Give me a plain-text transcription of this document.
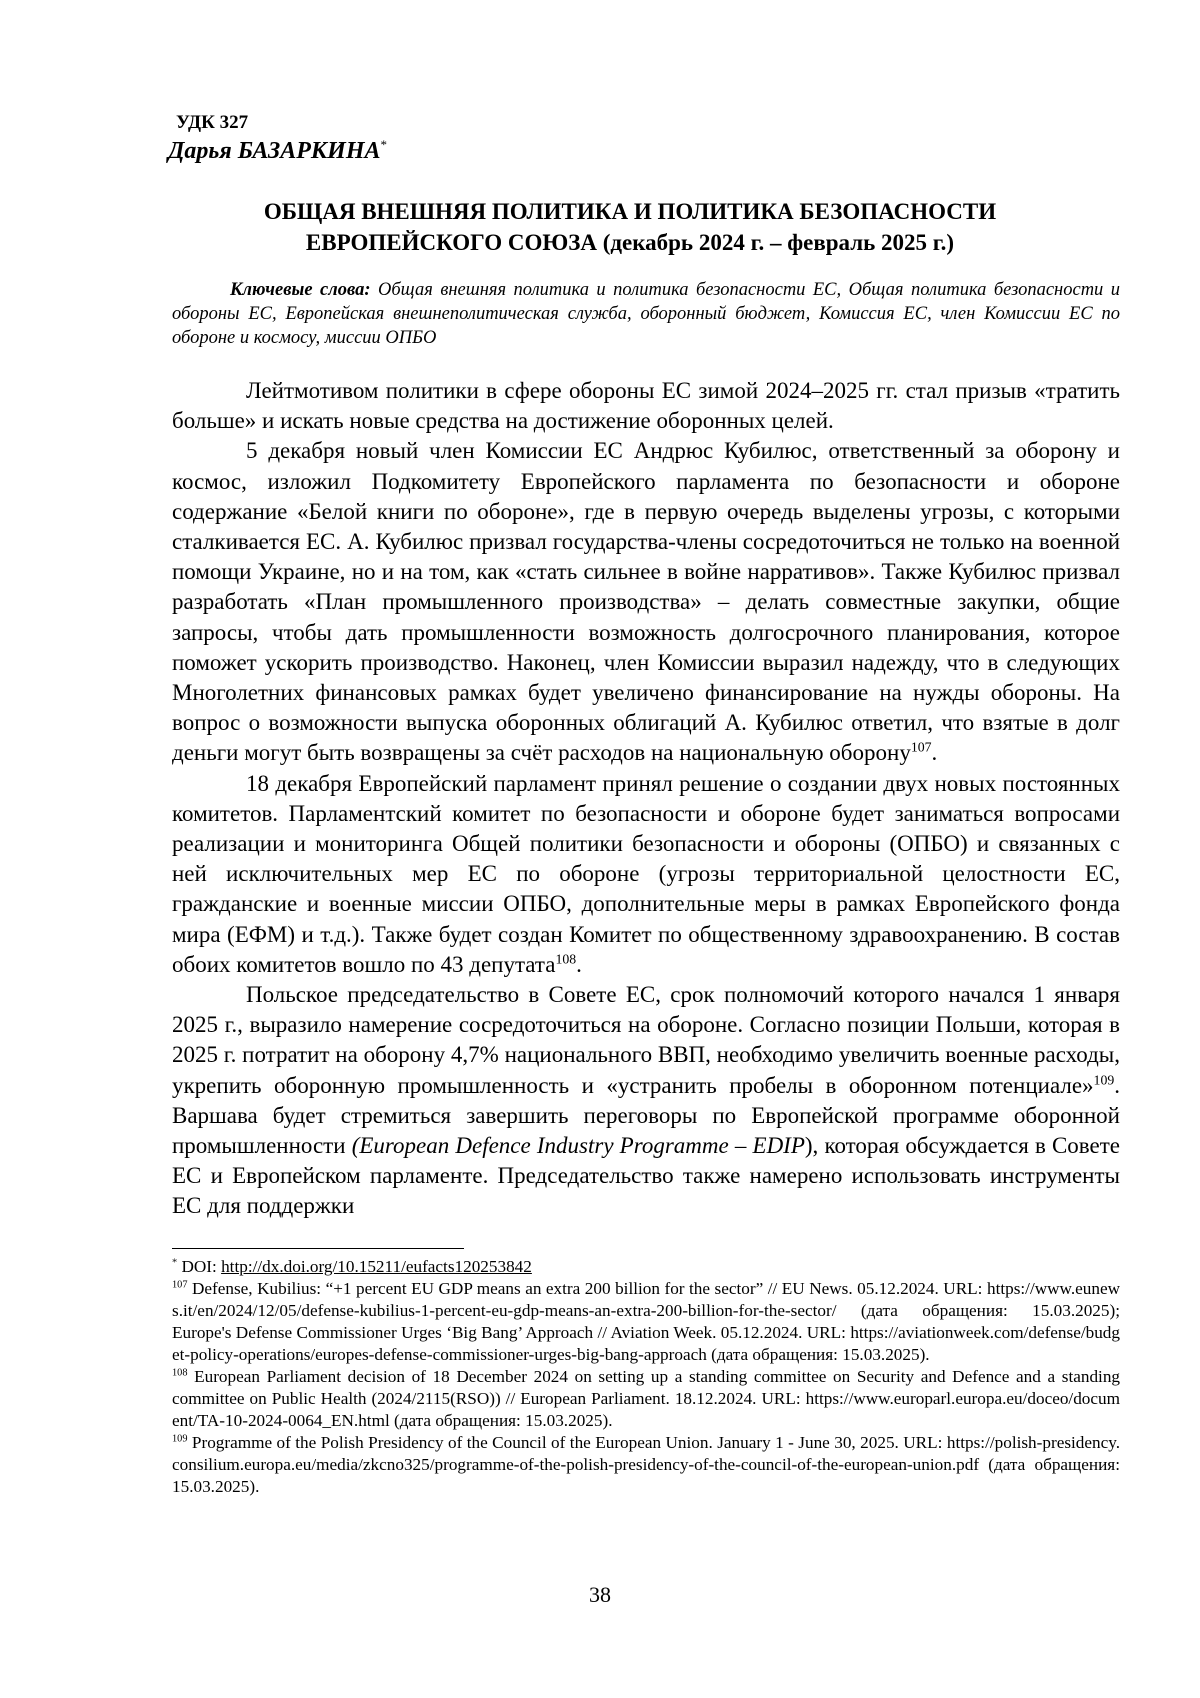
УДК 327
Дарья БАЗАРКИНА*
ОБЩАЯ ВНЕШНЯЯ ПОЛИТИКА И ПОЛИТИКА БЕЗОПАСНОСТИ
ЕВРОПЕЙСКОГО СОЮЗА (декабрь 2024 г. – февраль 2025 г.)
Ключевые слова: Общая внешняя политика и политика безопасности ЕС, Общая политика безопасности и обороны ЕС, Европейская внешнеполитическая служба, оборонный бюджет, Комиссия ЕС, член Комиссии ЕС по обороне и космосу, миссии ОПБО

Лейтмотивом политики в сфере обороны ЕС зимой 2024–2025 гг. стал призыв «тратить больше» и искать новые средства на достижение оборонных целей.

5 декабря новый член Комиссии ЕС Андрюс Кубилюс, ответственный за оборону и космос, изложил Подкомитету Европейского парламента по безопасности и обороне содержание «Белой книги по обороне», где в первую очередь выделены угрозы, с которыми сталкивается ЕС. А. Кубилюс призвал государства-члены сосредоточиться не только на военной помощи Украине, но и на том, как «стать сильнее в войне нарративов». Также Кубилюс призвал разработать «План промышленного производства» – делать совместные закупки, общие запросы, чтобы дать промышленности возможность долгосрочного планирования, которое поможет ускорить производство. Наконец, член Комиссии выразил надежду, что в следующих Многолетних финансовых рамках будет увеличено финансирование на нужды обороны. На вопрос о возможности выпуска оборонных облигаций А. Кубилюс ответил, что взятые в долг деньги могут быть возвращены за счёт расходов на национальную оборону$^{107}$.

18 декабря Европейский парламент принял решение о создании двух новых постоянных комитетов. Парламентский комитет по безопасности и обороне будет заниматься вопросами реализации и мониторинга Общей политики безопасности и обороны (ОПБО) и связанных с ней исключительных мер ЕС по обороне (угрозы территориальной целостности ЕС, гражданские и военные миссии ОПБО, дополнительные меры в рамках Европейского фонда мира (ЕФМ) и т.д.). Также будет создан Комитет по общественному здравоохранению. В состав обоих комитетов вошло по 43 депутата$^{108}$.

Польское председательство в Совете ЕС, срок полномочий которого начался 1 января 2025 г., выразило намерение сосредоточиться на обороне. Согласно позиции Польши, которая в 2025 г. потратит на оборону 4,7% национального ВВП, необходимо увеличить военные расходы, укрепить оборонную промышленность и «устранить пробелы в оборонном потенциале»$^{109}$. Варшава будет стремиться завершить переговоры по Европейской программе оборонной промышленности (European Defence Industry Programme – EDIP), которая обсуждается в Совете ЕС и Европейском парламенте. Председательство также намерено использовать инструменты ЕС для поддержки

* DOI: http://dx.doi.org/10.15211/eufacts120253842

$^{107}$ Defense, Kubilius: “+1 percent EU GDP means an extra 200 billion for the sector” // EU News. 05.12.2024. URL: https://www.eunews.it/en/2024/12/05/defense-kubilius-1-percent-eu-gdp-means-an-extra-200-billion-for-the-sector/ (дата обращения: 15.03.2025); Europe's Defense Commissioner Urges ‘Big Bang’ Approach // Aviation Week. 05.12.2024. URL: https://aviationweek.com/defense/budget-policy-operations/europes-defense-commissioner-urges-big-bang-approach (дата обращения: 15.03.2025).

$^{108}$ European Parliament decision of 18 December 2024 on setting up a standing committee on Security and Defence and a standing committee on Public Health (2024/2115(RSO)) // European Parliament. 18.12.2024. URL: https://www.europarl.europa.eu/doceo/document/TA-10-2024-0064_EN.html (дата обращения: 15.03.2025).

$^{109}$ Programme of the Polish Presidency of the Council of the European Union. January 1 - June 30, 2025. URL: https://polish-presidency.consilium.europa.eu/media/zkcno325/programme-of-the-polish-presidency-of-the-council-of-the-european-union.pdf (дата обращения: 15.03.2025).

38
